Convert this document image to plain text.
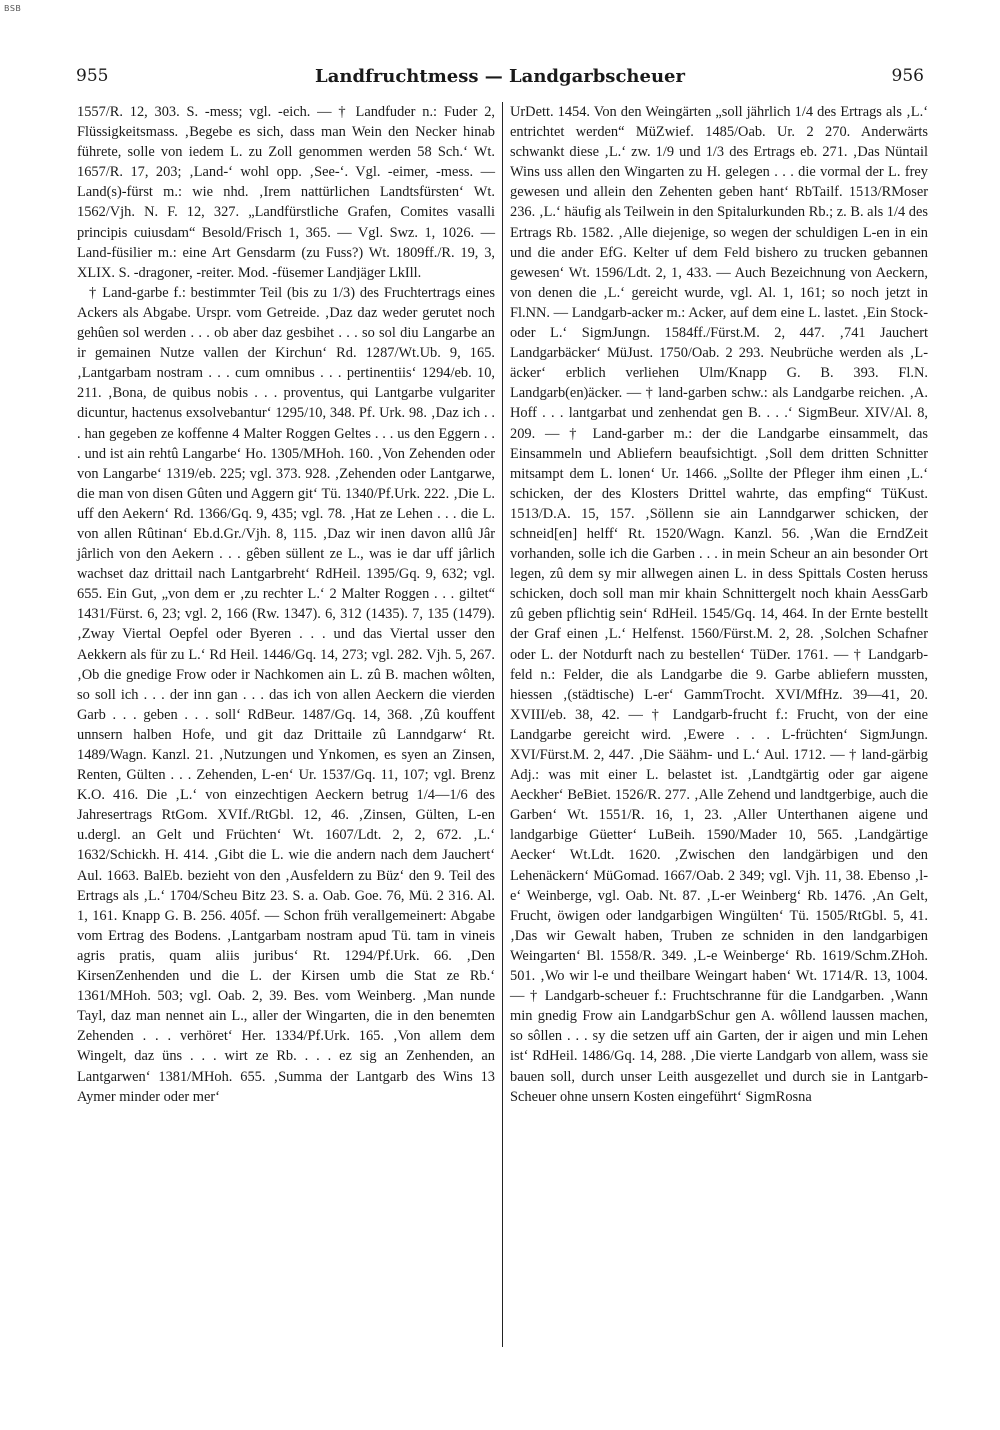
BSB
955	Landfruchtmess — Landgarbscheuer	956

1557/R. 12, 303. S. -mess; vgl. -eich. — † Landfuder n.: Fuder 2, Flüssigkeitsmass. ‚Begebe es sich, dass man Wein den Necker hinab führete, solle von iedem L. zu Zoll genommen werden 58 Sch.‘ Wt. 1657/R. 17, 203; ‚Land-‘ wohl opp. ‚See-‘. Vgl. -eimer, -mess. — Land(s)-fürst m.: wie nhd. ‚Irem nattürlichen Landtsfürsten‘ Wt. 1562/Vjh. N. F. 12, 327. „Landfürstliche Grafen, Comites vasalli principis cuiusdam“ Besold/Frisch 1, 365. — Vgl. Swz. 1, 1026. — Land-füsilier m.: eine Art Gensdarm (zu Fuss?) Wt. 1809ff./R. 19, 3, XLIX. S. -dragoner, -reiter. Mod. -füsemer Landjäger LkIll.

† Land-garbe f.: bestimmter Teil (bis zu 1/3) des Fruchtertrags eines Ackers als Abgabe. Urspr. vom Getreide. ‚Daz daz weder gerutet noch gehûen sol werden . . . ob aber daz gesbihet . . . so sol diu Langarbe an ir gemainen Nutze vallen der Kirchun‘ Rd. 1287/Wt.Ub. 9, 165. ‚Lantgarbam nostram . . . cum omnibus . . . pertinentiis‘ 1294/eb. 10, 211. ‚Bona, de quibus nobis . . . proventus, qui Lantgarbe vulgariter dicuntur, hactenus exsolvebantur‘ 1295/10, 348. Pf. Urk. 98. ‚Daz ich . . . han gegeben ze koffenne 4 Malter Roggen Geltes . . . us den Eggern . . . und ist ain rehtû Langarbe‘ Ho. 1305/MHoh. 160. ‚Von Zehenden oder von Langarbe‘ 1319/eb. 225; vgl. 373. 928. ‚Zehenden oder Lantgarwe, die man von disen Gûten und Aggern git‘ Tü. 1340/Pf.Urk. 222. ‚Die L. uff den Aekern‘ Rd. 1366/Gq. 9, 435; vgl. 78. ‚Hat ze Lehen . . . die L. von allen Rûtinan‘ Eb.d.Gr./Vjh. 8, 115. ‚Daz wir inen davon allû Jâr jârlich von den Aekern . . . gêben süllent ze L., was ie dar uff jârlich wachset daz drittail nach Lantgarbreht‘ RdHeil. 1395/Gq. 9, 632; vgl. 655. Ein Gut, „von dem er ‚zu rechter L.‘ 2 Malter Roggen . . . giltet“ 1431/Fürst. 6, 23; vgl. 2, 166 (Rw. 1347). 6, 312 (1435). 7, 135 (1479). ‚Zway Viertal Oepfel oder Byeren . . . und das Viertal usser den Aekkern als für zu L.‘ Rd Heil. 1446/Gq. 14, 273; vgl. 282. Vjh. 5, 267. ‚Ob die gnedige Frow oder ir Nachkomen ain L. zû B. machen wôlten, so soll ich . . . der inn gan . . . das ich von allen Aeckern die vierden Garb . . . geben . . . soll‘ RdBeur. 1487/Gq. 14, 368. ‚Zû kouffent unnsern halben Hofe, und git daz Drittaile zû Lanndgarw‘ Rt. 1489/Wagn. Kanzl. 21. ‚Nutzungen und Ynkomen, es syen an Zinsen, Renten, Gülten . . . Zehenden, L-en‘ Ur. 1537/Gq. 11, 107; vgl. Brenz K.O. 416. Die ‚L.‘ von einzechtigen Aeckern betrug 1/4—1/6 des Jahresertrags RtGom. XVIf./RtGbl. 12, 46. ‚Zinsen, Gülten, L-en u.dergl. an Gelt und Früchten‘ Wt. 1607/Ldt. 2, 2, 672. ‚L.‘ 1632/Schickh. H. 414. ‚Gibt die L. wie die andern nach dem Jauchert‘ Aul. 1663. BalEb. bezieht von den ‚Ausfeldern zu Büz‘ den 9. Teil des Ertrags als ‚L.‘ 1704/Scheu Bitz 23. S. a. Oab. Goe. 76, Mü. 2 316. Al. 1, 161. Knapp G. B. 256. 405f. — Schon früh verallgemeinert: Abgabe vom Ertrag des Bodens. ‚Lantgarbam nostram apud Tü. tam in vineis agris pratis, quam aliis juribus‘ Rt. 1294/Pf.Urk. 66. ‚Den KirsenZenhenden und die L. der Kirsen umb die Stat ze Rb.‘ 1361/MHoh. 503; vgl. Oab. 2, 39. Bes. vom Weinberg. ‚Man nunde Tayl, daz man nennet ain L., aller der Wingarten, die in den benemten Zehenden . . . verhöret‘ Her. 1334/Pf.Urk. 165. ‚Von allem dem Wingelt, daz üns . . . wirt ze Rb. . . . ez sig an Zenhenden, an Lantgarwen‘ 1381/MHoh. 655. ‚Summa der Lantgarb des Wins 13 Aymer minder oder mer‘

UrDett. 1454. Von den Weingärten „soll jährlich 1/4 des Ertrags als ‚L.‘ entrichtet werden“ MüZwief. 1485/Oab. Ur. 2 270. Anderwärts schwankt diese ‚L.‘ zw. 1/9 und 1/3 des Ertrags eb. 271. ‚Das Nüntail Wins uss allen den Wingarten zu H. gelegen . . . die vormal der L. frey gewesen und allein den Zehenten geben hant‘ RbTailf. 1513/RMoser 236. ‚L.‘ häufig als Teilwein in den Spitalurkunden Rb.; z. B. als 1/4 des Ertrags Rb. 1582. ‚Alle diejenige, so wegen der schuldigen L-en in ein und die ander EfG. Kelter uf dem Feld bishero zu trucken gebannen gewesen‘ Wt. 1596/Ldt. 2, 1, 433. — Auch Bezeichnung von Aeckern, von denen die ‚L.‘ gereicht wurde, vgl. Al. 1, 161; so noch jetzt in Fl.NN. — Landgarb-acker m.: Acker, auf dem eine L. lastet. ‚Ein Stock- oder L.‘ SigmJungn. 1584ff./Fürst.M. 2, 447. ‚741 Jauchert Landgarbäcker‘ MüJust. 1750/Oab. 2 293. Neubrüche werden als ‚L-äcker‘ erblich verliehen Ulm/Knapp G. B. 393. Fl.N. Landgarb(en)äcker. — † land-garben schw.: als Landgarbe reichen. ‚A. Hoff . . . lantgarbat und zenhendat gen B. . . .‘ SigmBeur. XIV/Al. 8, 209. — † Land-garber m.: der die Landgarbe einsammelt, das Einsammeln und Abliefern beaufsichtigt. ‚Soll dem dritten Schnitter mitsampt dem L. lonen‘ Ur. 1466. „Sollte der Pfleger ihm einen ‚L.‘ schicken, der des Klosters Drittel wahrte, das empfing“ TüKust. 1513/D.A. 15, 157. ‚Söllenn sie ain Lanndgarwer schicken, der schneid[en] helff‘ Rt. 1520/Wagn. Kanzl. 56. ‚Wan die ErndZeit vorhanden, solle ich die Garben . . . in mein Scheur an ain besonder Ort legen, zû dem sy mir allwegen ainen L. in dess Spittals Costen heruss schicken, doch soll man mir khain Schnittergelt noch khain AessGarb zû geben pflichtig sein‘ RdHeil. 1545/Gq. 14, 464. In der Ernte bestellt der Graf einen ‚L.‘ Helfenst. 1560/Fürst.M. 2, 28. ‚Solchen Schafner oder L. der Notdurft nach zu bestellen‘ TüDer. 1761. — † Landgarb-feld n.: Felder, die als Landgarbe die 9. Garbe abliefern mussten, hiessen ‚(städtische) L-er‘ GammTrocht. XVI/MfHz. 39—41, 20. XVIII/eb. 38, 42. — † Landgarb-frucht f.: Frucht, von der eine Landgarbe gereicht wird. ‚Ewere . . . L-früchten‘ SigmJungn. XVI/Fürst.M. 2, 447. ‚Die Säähm- und L.‘ Aul. 1712. — † land-gärbig Adj.: was mit einer L. belastet ist. ‚Landtgärtig oder gar aigene Aeckher‘ BeBiet. 1526/R. 277. ‚Alle Zehend und landtgerbige, auch die Garben‘ Wt. 1551/R. 16, 1, 23. ‚Aller Unterthanen aigene und landgarbige Güetter‘ LuBeih. 1590/Mader 10, 565. ‚Landgärtige Aecker‘ Wt.Ldt. 1620. ‚Zwischen den landgärbigen und den Lehenäckern‘ MüGomad. 1667/Oab. 2 349; vgl. Vjh. 11, 38. Ebenso ‚l-e‘ Weinberge, vgl. Oab. Nt. 87. ‚L-er Weinberg‘ Rb. 1476. ‚An Gelt, Frucht, öwigen oder landgarbigen Wingülten‘ Tü. 1505/RtGbl. 5, 41. ‚Das wir Gewalt haben, Truben ze schniden in den landgarbigen Weingarten‘ Bl. 1558/R. 349. ‚L-e Weinberge‘ Rb. 1619/Schm.ZHoh. 501. ‚Wo wir l-e und theilbare Weingart haben‘ Wt. 1714/R. 13, 1004. — † Landgarb-scheuer f.: Fruchtschranne für die Landgarben. ‚Wann min gnedig Frow ain LandgarbSchur gen A. wôllend laussen machen, so sôllen . . . sy die setzen uff ain Garten, der ir aigen und min Lehen ist‘ RdHeil. 1486/Gq. 14, 288. ‚Die vierte Landgarb von allem, wass sie bauen soll, durch unser Leith ausgezellet und durch sie in Lantgarb-Scheuer ohne unsern Kosten eingeführt‘ SigmRosna
